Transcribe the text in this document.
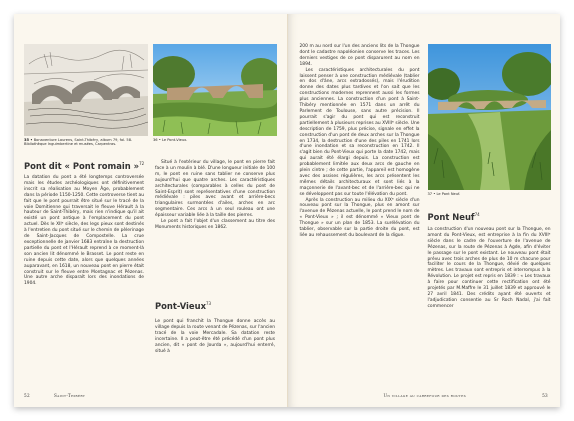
35 • Bonaventure Laurens, Saint-Thibéry, album 79, fol. 58. Bibliothèque Inguimbertine et musées, Carpentras.
36 • Le Pont-Vieux.
Pont dit « Pont romain »$^{72}$

La datation du pont a été longtemps controversée mais les études archéologiques ont définitivement inscrit sa réalisation au Moyen Âge, probablement dans la période 1150-1250. Cette controverse tient au fait que le pont pourrait être situé sur le tracé de la voie Domitienne qui traversait le fleuve Hérault à la hauteur de Saint-Thibéry, mais rien n'indique qu'il ait existé un pont antique à l'emplacement du pont actuel. Dès le XIIᵉ siècle, des legs pieux sont destinés à l'entretien du pont situé sur le chemin de pèlerinage de Saint-Jacques de Compostelle. La crue exceptionnelle de janvier 1683 entraîne la destruction partielle du pont et l'Hérault reprend à ce moment-là son ancien lit dénommé le Brasset. Le pont reste en ruine depuis cette date, alors que quelques années auparavant, en 1618, un nouveau pont en pierre était construit sur le fleuve entre Montagnac et Pézenas. Une autre arche disparaît lors des inondations de 1904.

Situé à l'extérieur du village, le pont en pierre fait face à un moulin à blé. D'une longueur initiale de 100 m, le pont en ruine sans tablier ne conserve plus aujourd'hui que quatre arches. Les caractéristiques architecturales (comparables à celles du pont de Saint-Esprit) sont représentatives d'une construction médiévale : piles avec avant et arrière-becs triangulaires surmontées d'ailes, arches en arc segmentaire. Ces arcs à un seul rouleau ont une épaisseur variable liée à la taille des pierres.

Le pont a fait l'objet d'un classement au titre des Monuments historiques en 1862.

Pont-Vieux$^{73}$

Le pont qui franchit la Thongue donne accès au village depuis la route venant de Pézenas, sur l'ancien tracé de la voie Mercadale. Sa datation reste incertaine. Il a peut-être été précédé d'un pont plus ancien, dit « pont de Jourda », aujourd'hui enterré, situé à

52	Saint-Thibéry

200 m au nord sur l'un des anciens lits de la Thongue dont le cadastre napoléonien conserve les traces. Les derniers vestiges de ce pont disparurent au nom en 1894.

Les caractéristiques architecturales du pont laissent penser à une construction médiévale (tablier en dos d'âne, arcs extradossés), mais l'érudition donne des dates plus tardives et l'on sait que les constructions modernes reprennent aussi les formes plus anciennes. La construction d'un pont à Saint-Thibéry mentionnée en 1571 dans un arrêt du Parlement de Toulouse, sans autre précision. Il pourrait s'agir du pont qui est reconstruit partiellement à plusieurs reprises au XVIIIᵉ siècle. Une description de 1759, plus précise, signale en effet la construction d'un pont de deux arches sur la Thongue en 1734, la destruction d'une des piles en 1741 lors d'une inondation et sa reconstruction en 1742. Il s'agit bien du Pont-Vieux qui porte la date 1742, mais qui aurait été élargi depuis. La construction est probablement limitée aux deux arcs de gauche en plein cintre ; de cette partie, l'appareil est homogène avec des assises régulières, les arcs présentent les mêmes détails architecturaux et sont liés à la maçonnerie de l'avant-bec et de l'arrière-bec qui ne se développent pas sur toute l'élévation du pont.

Après la construction au milieu du XIXᵉ siècle d'un nouveau pont sur la Thongue, plus en amont sur l'avenue de Pézenas actuelle, le pont prend le nom de « Pont-Vieux » ; il est dénommé « Vieux pont de Thongue » sur un plan de 1853. La surélévation du tablier, observable sur la partie droite du pont, est liée au rehaussement du boulevard de la digue.

37 • Le Pont Neuf.
Pont Neuf$^{74}$

La construction d'un nouveau pont sur la Thongue, en amont du Pont-Vieux, est entreprise à la fin du XVIIIᵉ siècle dans le cadre de l'ouverture de l'avenue de Pézenas, sur la route de Pézenas à Agde, afin d'éviter le passage sur le pont existant. Le nouveau pont était prévu avec trois arches de plus de 10 m chacune pour faciliter le cours de la Thongue, dévié de quelques mètres. Les travaux sont entrepris et interrompus à la Révolution. Le projet est repris en 1839 : « Les travaux à faire pour continuer cette rectification ont été projetés par M.Maffre le 31 juillet 1839 et approuvé le 27 avril 1841. Des crédits ayant été ouverts et l'adjudication consentie au Sr Roch Nadal, j'ai fait commencer

Un village au carrefour des routes	53
